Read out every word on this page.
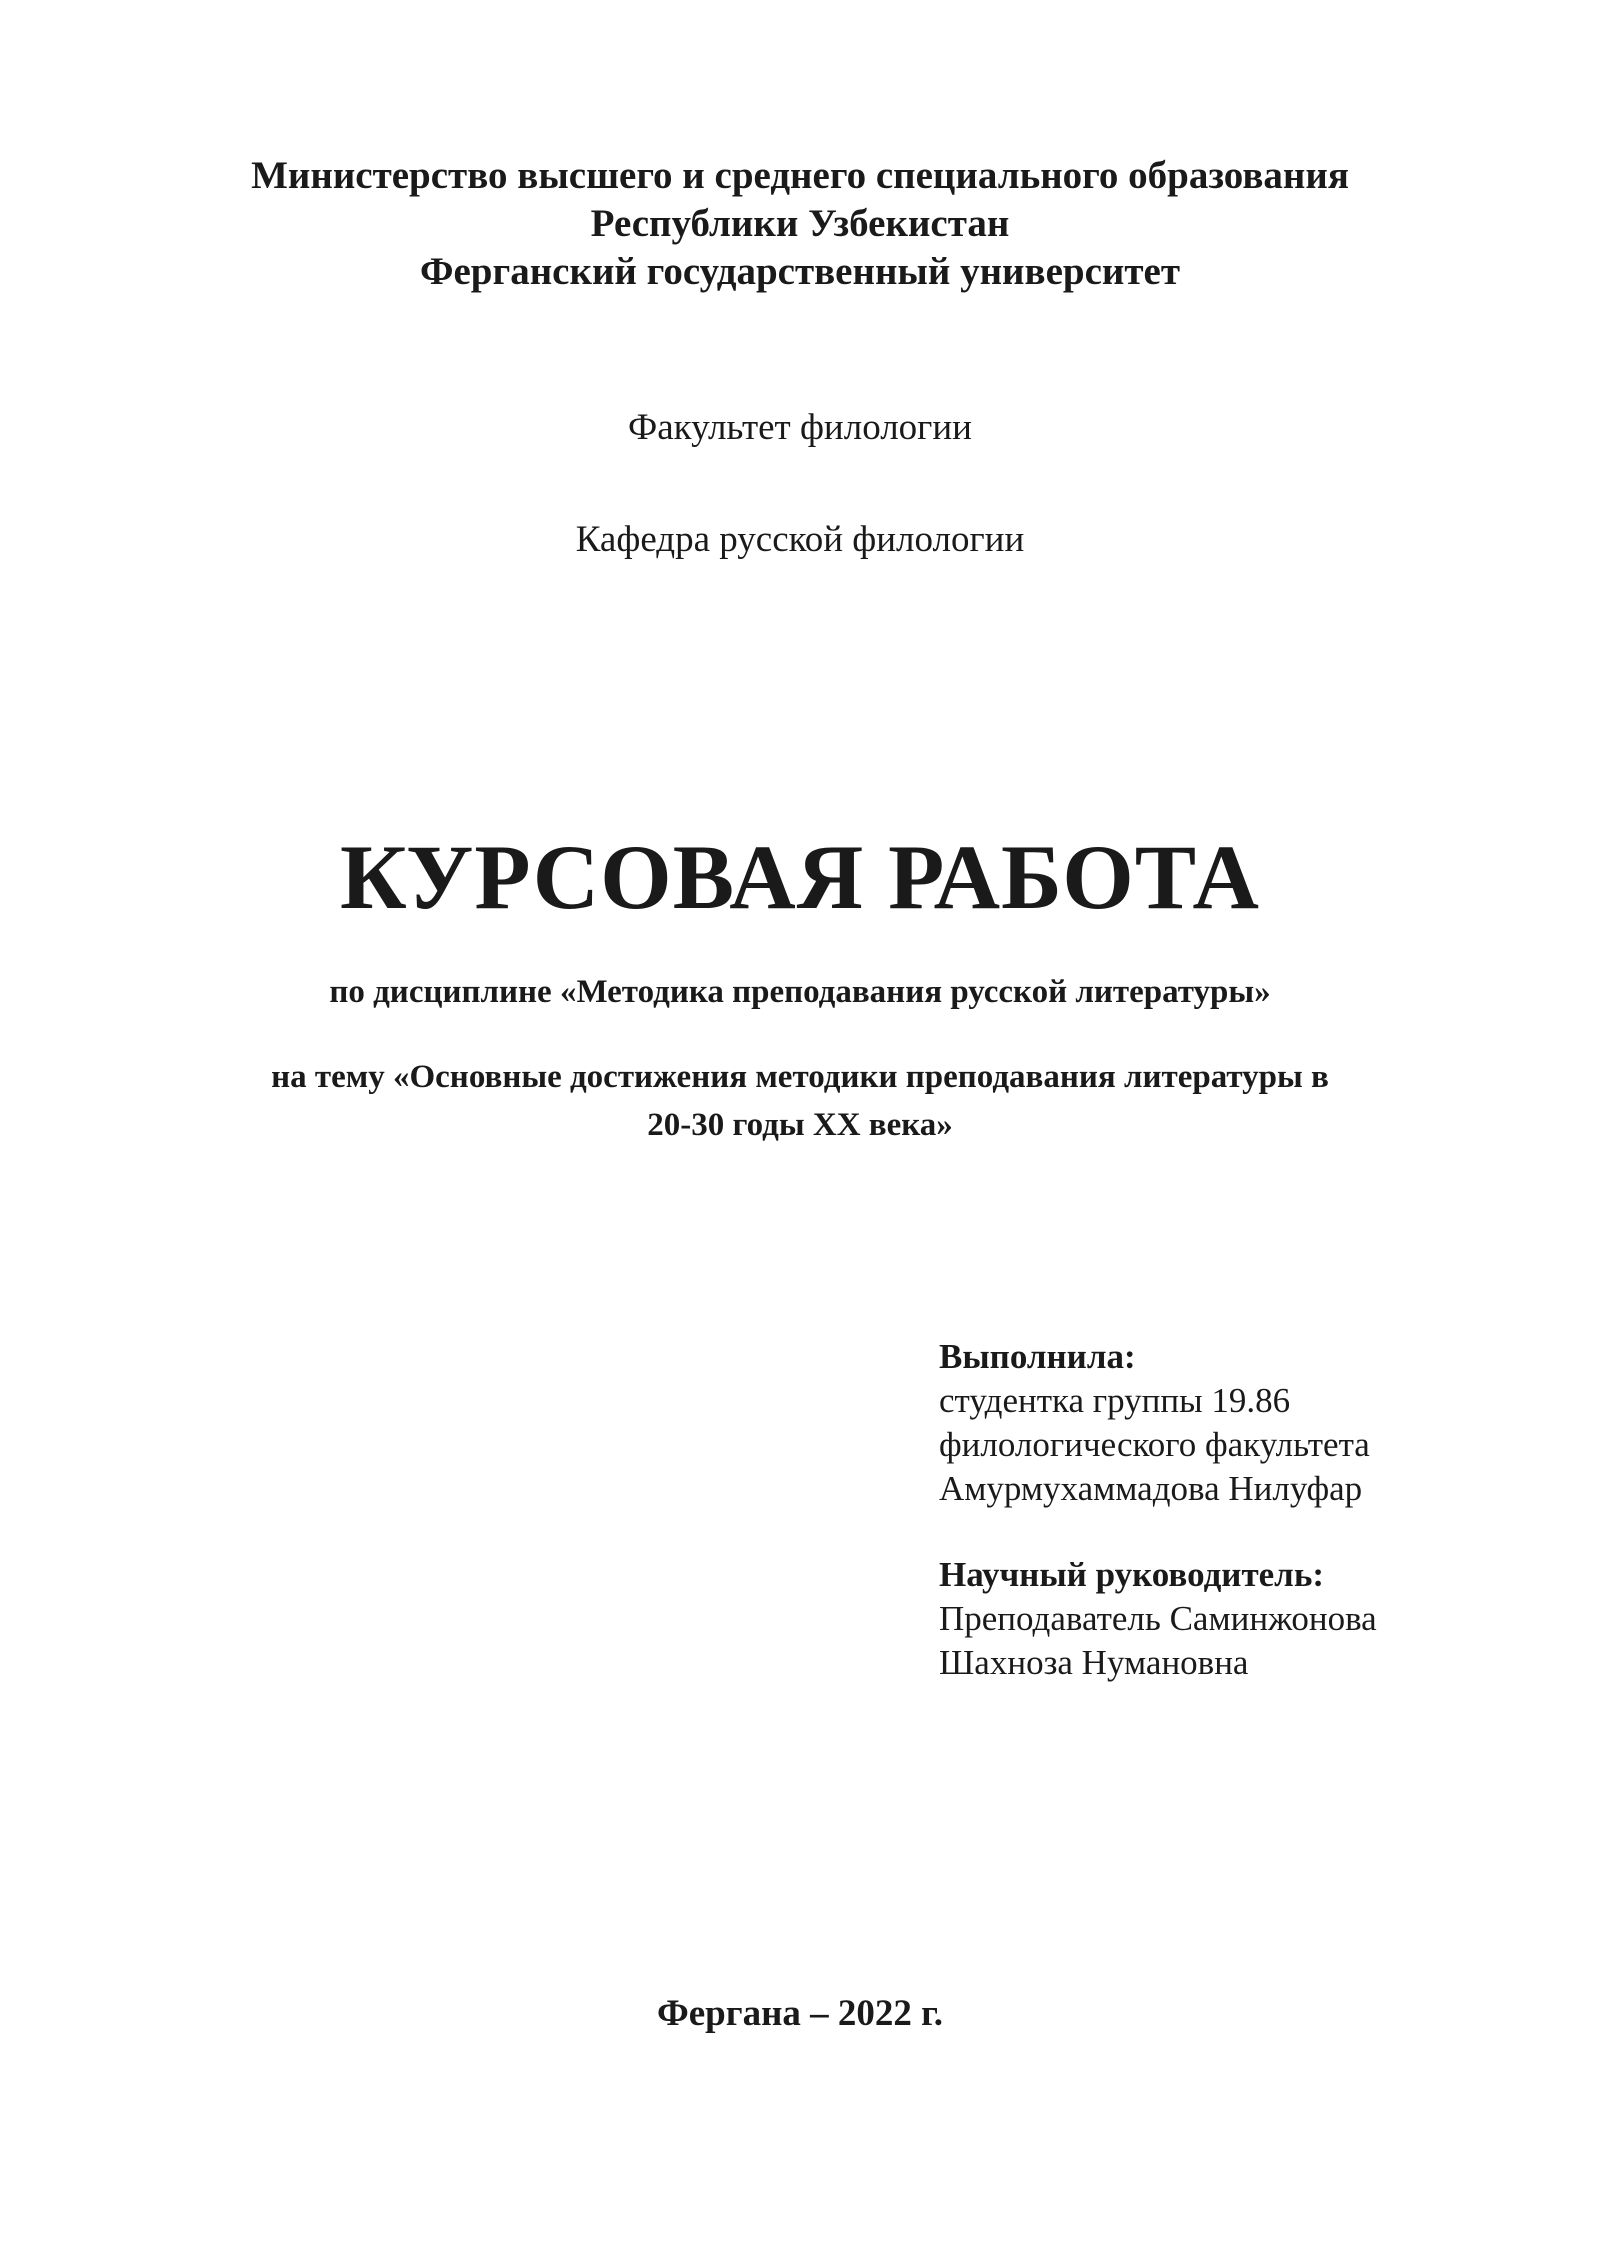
Министерство высшего и среднего специального образования
Республики Узбекистан
Ферганский государственный университет
Факультет филологии
Кафедра русской филологии
КУРСОВАЯ РАБОТА
по дисциплине «Методика преподавания русской литературы»
на тему «Основные достижения методики преподавания литературы в
20-30 годы XX века»
Выполнила:
студентка группы 19.86
филологического факультета
Амурмухаммадова Нилуфар
Научный руководитель:
Преподаватель Саминжонова
Шахноза Нумановна
Фергана – 2022 г.
